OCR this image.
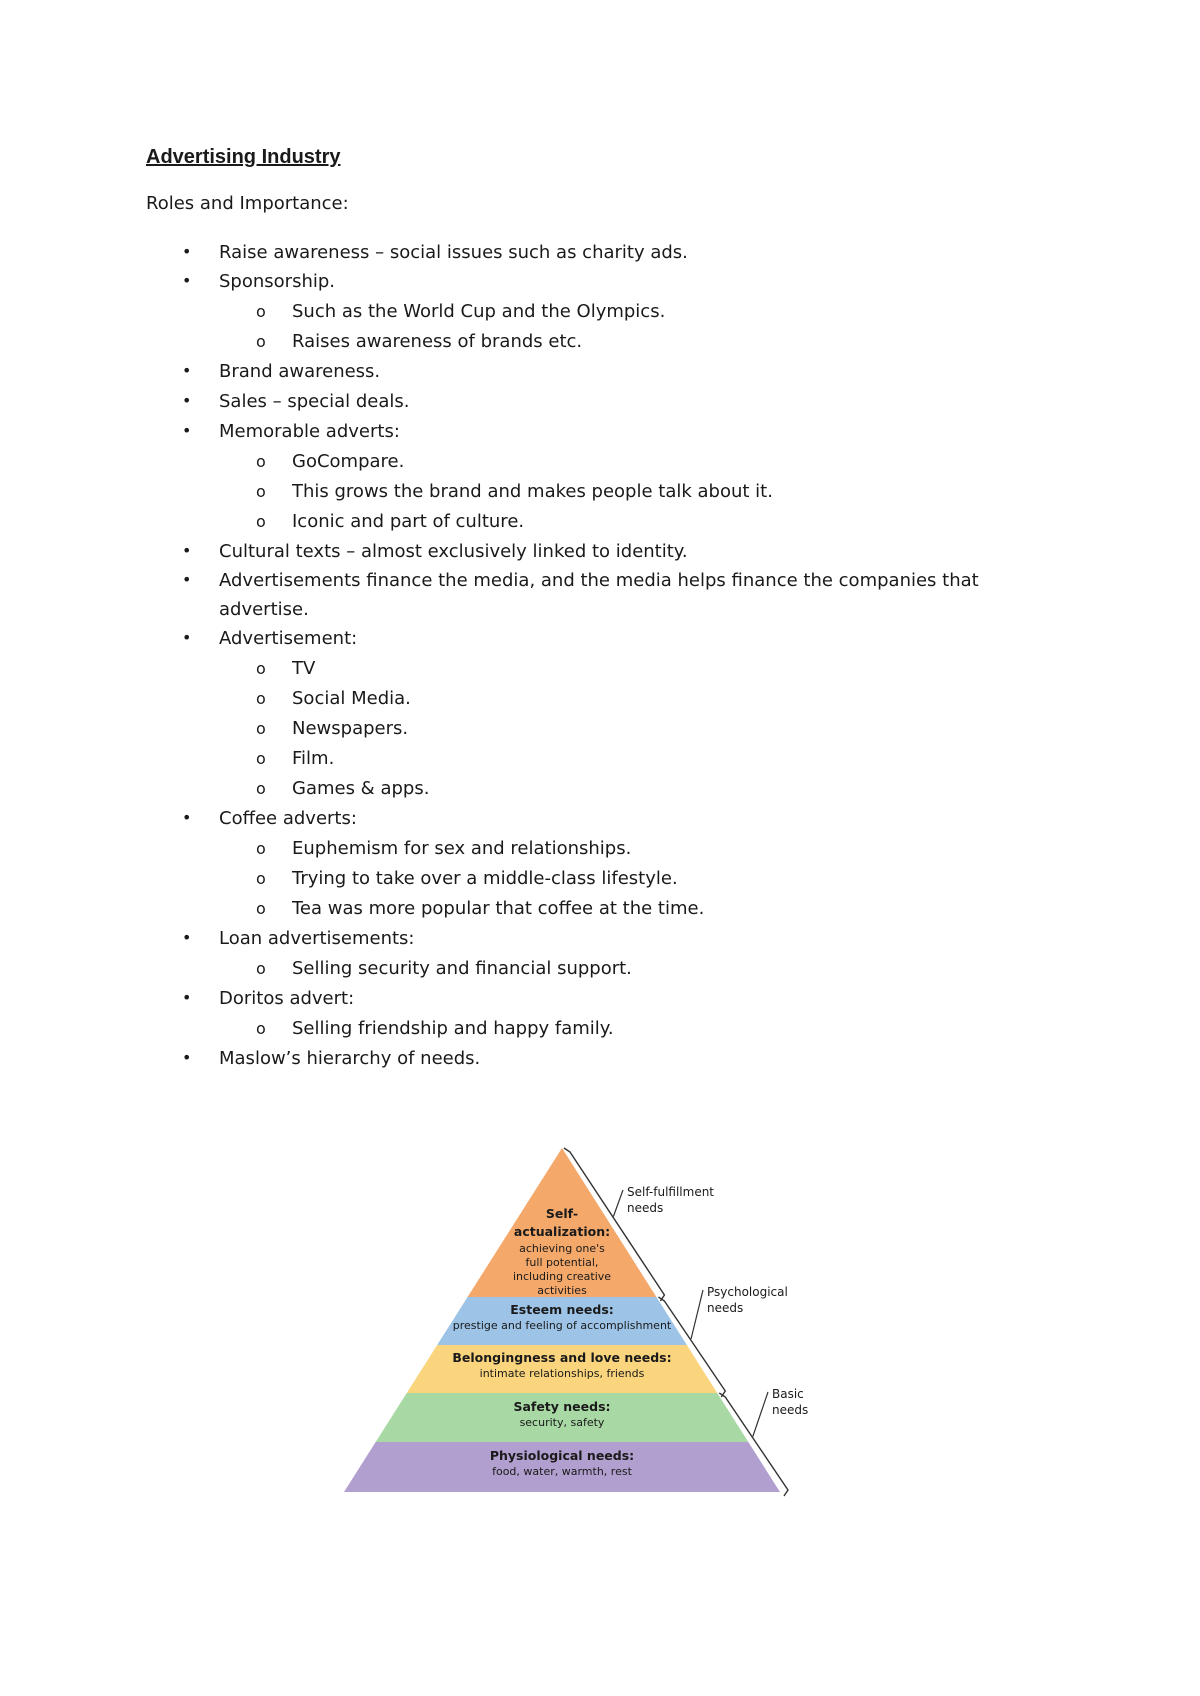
Advertising Industry

Roles and Importance:

• Raise awareness – social issues such as charity ads.

• Sponsorship.

o Such as the World Cup and the Olympics.

o Raises awareness of brands etc.

• Brand awareness.

• Sales – special deals.

• Memorable adverts:

o GoCompare.

o This grows the brand and makes people talk about it.

o Iconic and part of culture.

• Cultural texts – almost exclusively linked to identity.

• Advertisements finance the media, and the media helps finance the companies that

advertise.

• Advertisement:

o TV

o Social Media.

o Newspapers.

o Film.

o Games & apps.

• Coffee adverts:

o Euphemism for sex and relationships.

o Trying to take over a middle-class lifestyle.

o Tea was more popular that coffee at the time.

• Loan advertisements:

o Selling security and financial support.

• Doritos advert:

o Selling friendship and happy family.

• Maslow’s hierarchy of needs.

Self-
actualization:
achieving one's
full potential,
including creative
activities
Esteem needs:
prestige and feeling of accomplishment
Belongingness and love needs:
intimate relationships, friends
Safety needs:
security, safety
Physiological needs:
food, water, warmth, rest
Self-fulfillment
needs
Psychological
needs
Basic
needs
